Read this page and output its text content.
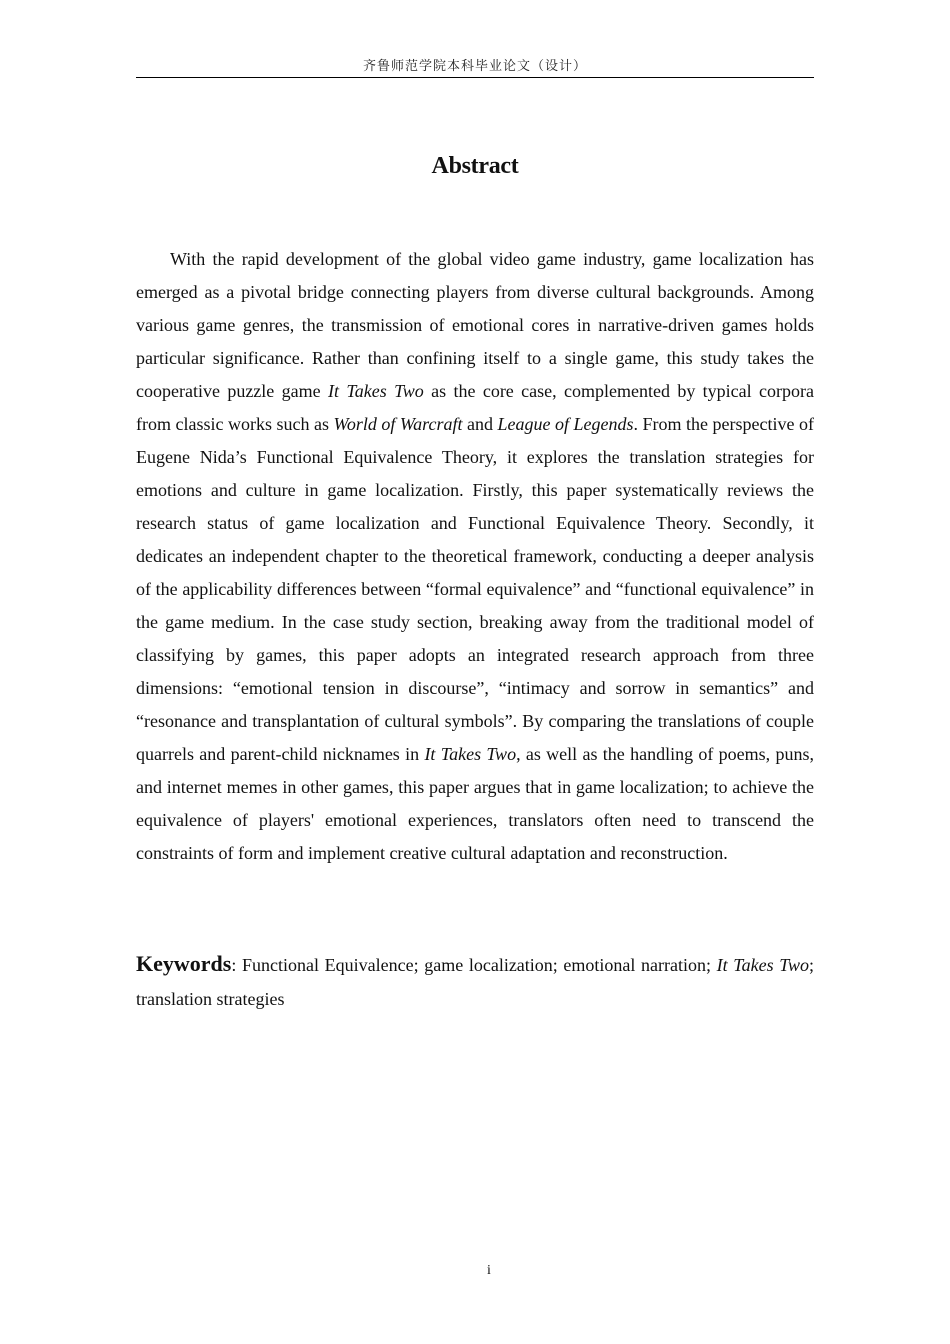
齐鲁师范学院本科毕业论文（设计）
Abstract

With the rapid development of the global video game industry, game localization has emerged as a pivotal bridge connecting players from diverse cultural backgrounds. Among various game genres, the transmission of emotional cores in narrative-driven games holds particular significance. Rather than confining itself to a single game, this study takes the cooperative puzzle game It Takes Two as the core case, complemented by typical corpora from classic works such as World of Warcraft and League of Legends. From the perspective of Eugene Nida’s Functional Equivalence Theory, it explores the translation strategies for emotions and culture in game localization. Firstly, this paper systematically reviews the research status of game localization and Functional Equivalence Theory. Secondly, it dedicates an independent chapter to the theoretical framework, conducting a deeper analysis of the applicability differences between “formal equivalence” and “functional equivalence” in the game medium. In the case study section, breaking away from the traditional model of classifying by games, this paper adopts an integrated research approach from three dimensions: “emotional tension in discourse”, “intimacy and sorrow in semantics” and “resonance and transplantation of cultural symbols”. By comparing the translations of couple quarrels and parent-child nicknames in It Takes Two, as well as the handling of poems, puns, and internet memes in other games, this paper argues that in game localization; to achieve the equivalence of players' emotional experiences, translators often need to transcend the constraints of form and implement creative cultural adaptation and reconstruction.

Keywords: Functional Equivalence; game localization; emotional narration; It Takes Two; translation strategies

i
